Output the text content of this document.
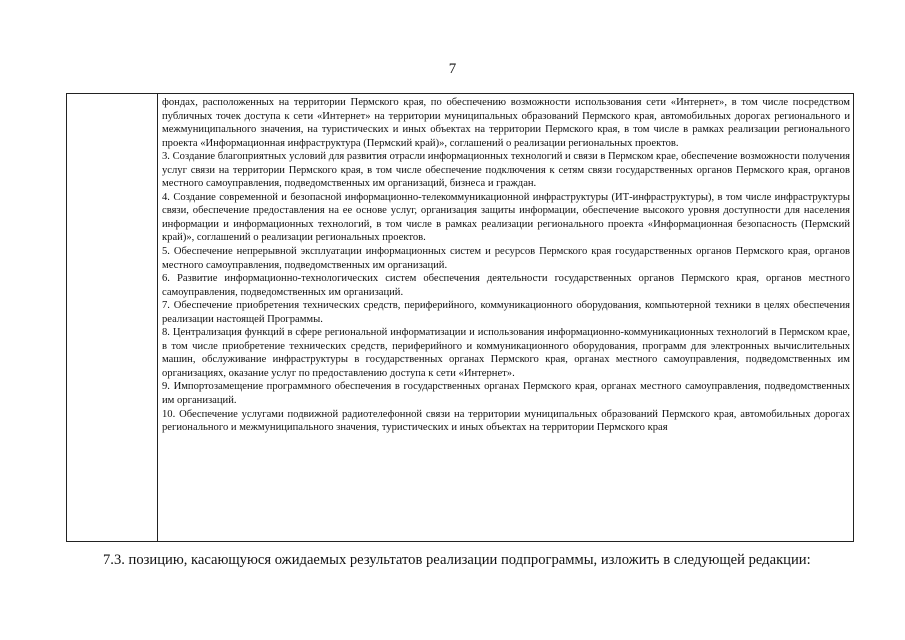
7

фондах, расположенных на территории Пермского края, по обеспечению возможности использования сети «Интернет», в том числе посредством публичных точек доступа к сети «Интернет» на территории муниципальных образований Пермского края, автомобильных дорогах регионального и межмуниципального значения, на туристических и иных объектах на территории Пермского края, в том числе в рамках реализации регионального проекта «Информационная инфраструктура (Пермский край)», соглашений о реализации региональных проектов.

3. Создание благоприятных условий для развития отрасли информационных технологий и связи в Пермском крае, обеспечение возможности получения услуг связи на территории Пермского края, в том числе обеспечение подключения к сетям связи государственных органов Пермского края, органов местного самоуправления, подведомственных им организаций, бизнеса и граждан.

4. Создание современной и безопасной информационно-телекоммуникационной инфраструктуры (ИТ-инфраструктуры), в том числе инфраструктуры связи, обеспечение предоставления на ее основе услуг, организация защиты информации, обеспечение высокого уровня доступности для населения информации и информационных технологий, в том числе в рамках реализации регионального проекта «Информационная безопасность (Пермский край)», соглашений о реализации региональных проектов.

5. Обеспечение непрерывной эксплуатации информационных систем и ресурсов Пермского края государственных органов Пермского края, органов местного самоуправления, подведомственных им организаций.

6. Развитие информационно-технологических систем обеспечения деятельности государственных органов Пермского края, органов местного самоуправления, подведомственных им организаций.

7. Обеспечение приобретения технических средств, периферийного, коммуникационного оборудования, компьютерной техники в целях обеспечения реализации настоящей Программы.

8. Централизация функций в сфере региональной информатизации и использования информационно-коммуникационных технологий в Пермском крае, в том числе приобретение технических средств, периферийного и коммуникационного оборудования, программ для электронных вычислительных машин, обслуживание инфраструктуры в государственных органах Пермского края, органах местного самоуправления, подведомственных им организациях, оказание услуг по предоставлению доступа к сети «Интернет».

9. Импортозамещение программного обеспечения в государственных органах Пермского края, органах местного самоуправления, подведомственных им организаций.

10. Обеспечение услугами подвижной радиотелефонной связи на территории муниципальных образований Пермского края, автомобильных дорогах регионального и межмуниципального значения, туристических и иных объектах на территории Пермского края

7.3. позицию, касающуюся ожидаемых результатов реализации подпрограммы, изложить в следующей редакции:
